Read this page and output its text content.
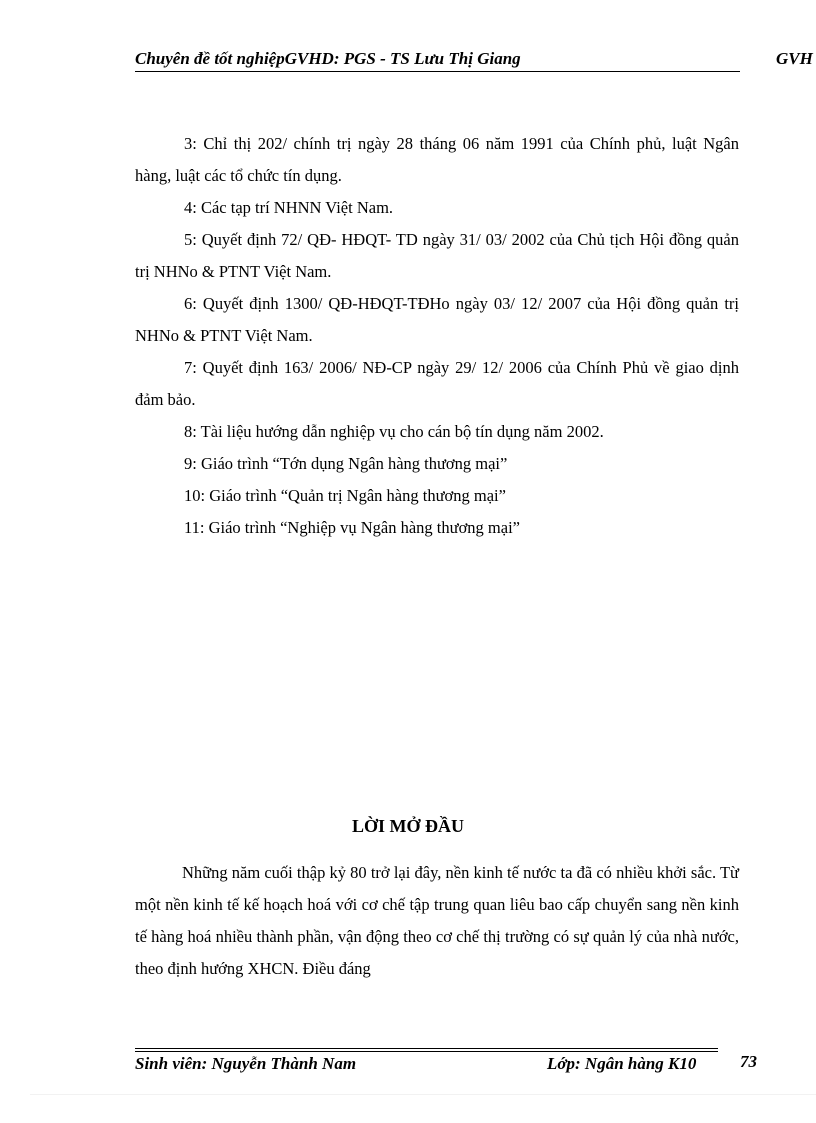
Chuyên đề tốt nghiệpGVHD: PGS - TS Lưu Thị Giang	GVH
3: Chỉ thị 202/ chính trị ngày 28 tháng 06 năm 1991 của Chính phủ, luật Ngân hàng, luật các tổ chức tín dụng.
4: Các tạp trí NHNN Việt Nam.
5: Quyết định 72/ QĐ- HĐQT- TD ngày 31/ 03/ 2002 của Chủ tịch Hội đồng quản trị NHNo & PTNT Việt Nam.
6: Quyết định 1300/ QĐ-HĐQT-TĐHo ngày 03/ 12/ 2007 của Hội đồng quản trị NHNo & PTNT Việt Nam.
7: Quyết định 163/ 2006/ NĐ-CP ngày 29/ 12/ 2006 của Chính Phủ về giao dịnh đảm bảo.
8: Tài liệu hướng dẫn nghiệp vụ cho cán bộ tín dụng năm 2002.
9: Giáo trình “Tớn dụng Ngân hàng thương mại”
10: Giáo trình “Quản trị Ngân hàng thương mại”
11: Giáo trình “Nghiệp vụ Ngân hàng thương mại”
LỜI MỞ ĐẦU
Những năm cuối thập kỷ 80 trở lại đây, nền kinh tế nước ta đã có nhiều khởi sắc. Từ một nền kinh tế kế hoạch hoá với cơ chế tập trung quan liêu bao cấp chuyển sang nền kinh tế hàng hoá nhiều thành phần, vận động theo cơ chế thị trường có sự quản lý của nhà nước, theo định hướng XHCN. Điều đáng
Sinh viên: Nguyễn Thành Nam	Lớp: Ngân hàng K10	73
